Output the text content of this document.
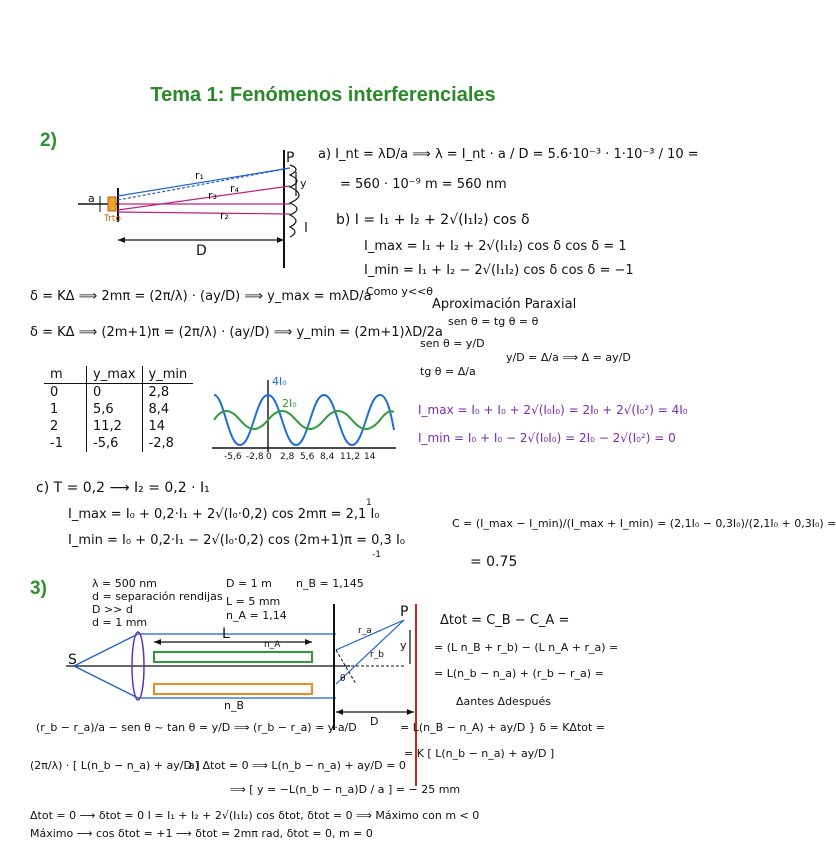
Tema 1: Fenómenos interferenciales
2)
r₁
r₄
r₃
r₂
a
D
P
y
Trto
a) I_nt = λD/a ⟹ λ = I_nt · a / D = 5.6·10⁻³ · 1·10⁻³ / 10 =
= 560 · 10⁻⁹ m = 560 nm
b) I = I₁ + I₂ + 2√(I₁I₂) cos δ
I_max = I₁ + I₂ + 2√(I₁I₂) cos δ cos δ = 1
I_min = I₁ + I₂ − 2√(I₁I₂) cos δ cos δ = −1
Como y<<θ
Aproximación Paraxial
sen θ = tg θ = θ
sen θ = y/D
tg θ = Δ/a
y/D = Δ/a ⟹ Δ = ay/D
δ = KΔ ⟹ 2mπ = (2π/λ) · (ay/D) ⟹ y_max = mλD/a
δ = KΔ ⟹ (2m+1)π = (2π/λ) · (ay/D) ⟹ y_min = (2m+1)λD/2a
m	y_max	y_min
0	0	2,8
1	5,6	8,4
2	11,2	14
-1	-5,6	-2,8
4I₀
2I₀
-5,6 -2,8 0 2,8 5,6 8,4 11,2 14
I_max = I₀ + I₀ + 2√(I₀I₀) = 2I₀ + 2√(I₀²) = 4I₀
I_min = I₀ + I₀ − 2√(I₀I₀) = 2I₀ − 2√(I₀²) = 0
c) T = 0,2 ⟶ I₂ = 0,2 · I₁
I_max = I₀ + 0,2·I₁ + 2√(I₀·0,2) cos 2mπ = 2,1 I₀
I_min = I₀ + 0,2·I₁ − 2√(I₀·0,2) cos (2m+1)π = 0,3 I₀
1
-1
C = (I_max − I_min)/(I_max + I_min) = (2,1I₀ − 0,3I₀)/(2,1I₀ + 0,3I₀) =
= 0.75
3)	λ = 500 nm
d = separación rendijas
D >> d
d = 1 mm
D = 1 m
L = 5 mm
n_A = 1,14
n_B = 1,145
S
L
n_A
n_B
D
P
y
r_a
r_b
θ
Δtot = C_B − C_A =
= (L n_B + r_b) − (L n_A + r_a) =
= L(n_b − n_a) + (r_b − r_a) =
Δantes Δdespués
(r_b − r_a)/a − sen θ ~ tan θ = y/D ⟹ (r_b − r_a) = y·a/D	= L(n_B − n_A) + ay/D } δ = KΔtot =
= K [ L(n_b − n_a) + ay/D ]
(2π/λ) · [ L(n_b − n_a) + ay/D ]
a) Δtot = 0 ⟹ L(n_b − n_a) + ay/D = 0
⟹ [ y = −L(n_b − n_a)D / a ] = − 25 mm
Δtot = 0 ⟶ δtot = 0 I = I₁ + I₂ + 2√(I₁I₂) cos δtot, δtot = 0 ⟹ Máximo con m < 0
Máximo ⟶ cos δtot = +1 ⟶ δtot = 2mπ rad, δtot = 0, m = 0
